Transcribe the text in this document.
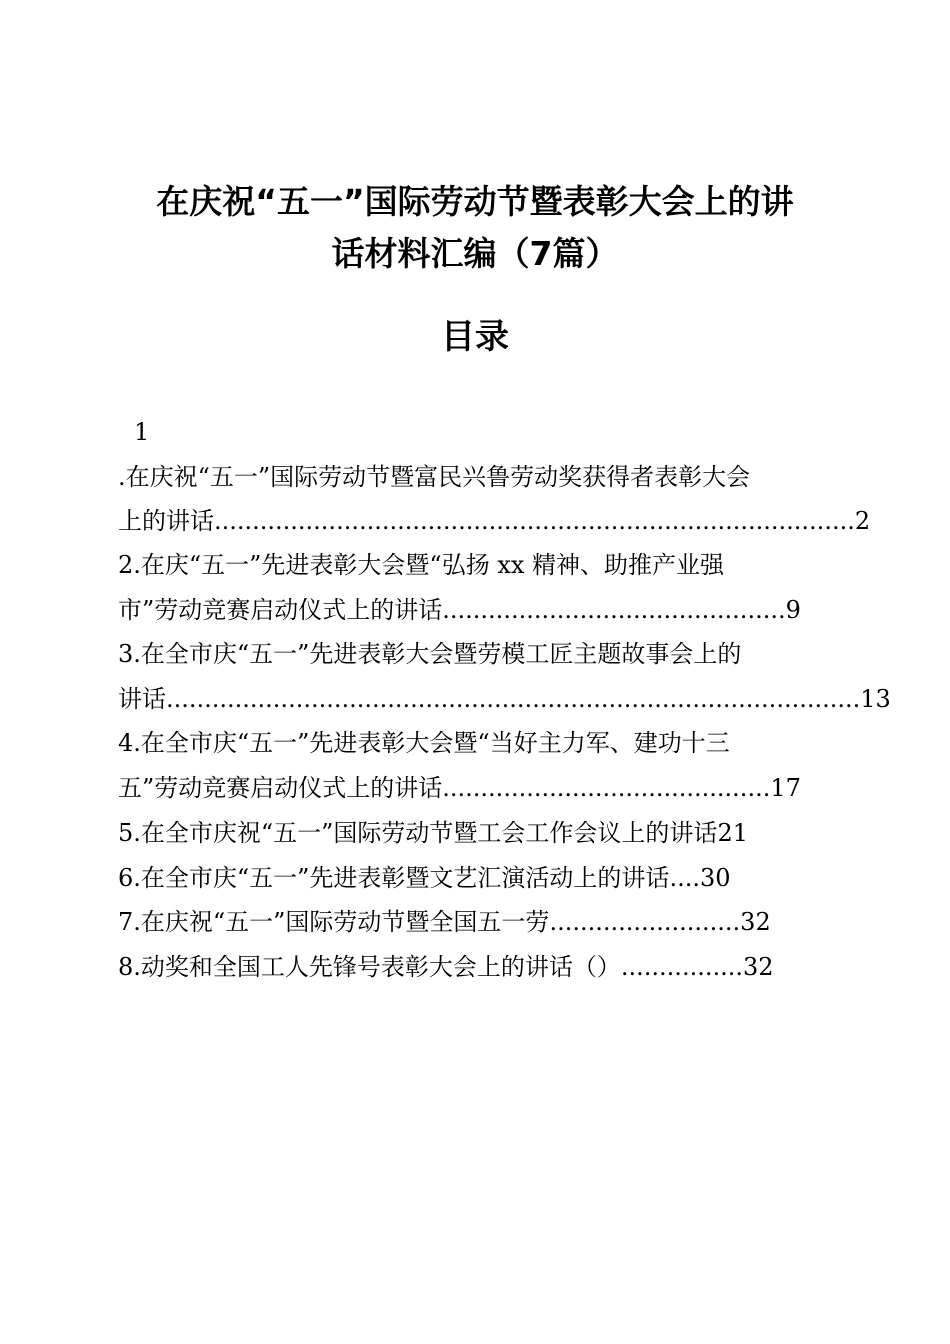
在庆祝“五一”国际劳动节暨表彰大会上的讲
话材料汇编（7篇）
目录
1
.在庆祝“五一”国际劳动节暨富民兴鲁劳动奖获得者表彰大会
上的讲话....................................................................................2
2.在庆“五一”先进表彰大会暨“弘扬 xx 精神、助推产业强
市”劳动竞赛启动仪式上的讲话.............................................9
3.在全市庆“五一”先进表彰大会暨劳模工匠主题故事会上的
讲话...........................................................................................13
4.在全市庆“五一”先进表彰大会暨“当好主力军、建功十三
五”劳动竞赛启动仪式上的讲话...........................................17
5.在全市庆祝“五一”国际劳动节暨工会工作会议上的讲话21
6.在全市庆“五一”先进表彰暨文艺汇演活动上的讲话....30
7.在庆祝“五一”国际劳动节暨全国五一劳.........................32
8.动奖和全国工人先锋号表彰大会上的讲话（）................32
